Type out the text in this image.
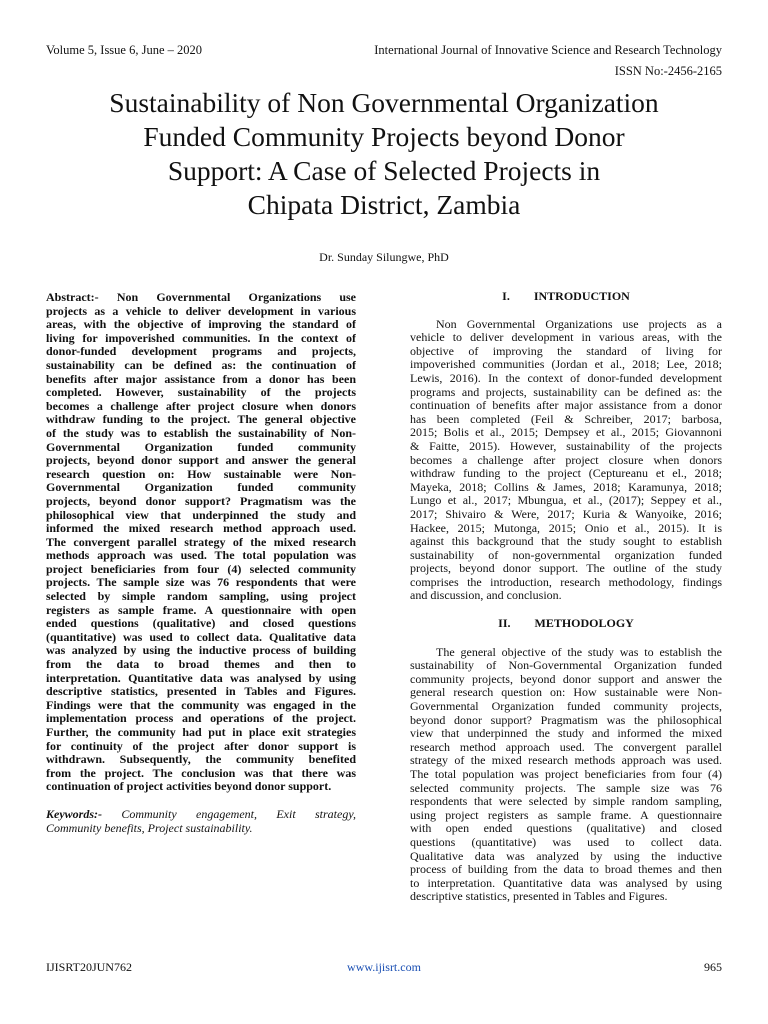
Volume 5, Issue 6, June – 2020	International Journal of Innovative Science and Research Technology
ISSN No:-2456-2165
Sustainability of Non Governmental Organization
Funded Community Projects beyond Donor
Support: A Case of Selected Projects in
Chipata District, Zambia
Dr. Sunday Silungwe, PhD
Abstract:- Non Governmental Organizations use
projects as a vehicle to deliver development in various
areas, with the objective of improving the standard of
living for impoverished communities. In the context of
donor-funded development programs and projects,
sustainability can be defined as: the continuation of
benefits after major assistance from a donor has been
completed. However, sustainability of the projects
becomes a challenge after project closure when donors
withdraw funding to the project. The general objective
of the study was to establish the sustainability of Non-
Governmental Organization funded community
projects, beyond donor support and answer the general
research question on: How sustainable were Non-
Governmental Organization funded community
projects, beyond donor support? Pragmatism was the
philosophical view that underpinned the study and
informed the mixed research method approach used.
The convergent parallel strategy of the mixed research
methods approach was used. The total population was
project beneficiaries from four (4) selected community
projects. The sample size was 76 respondents that were
selected by simple random sampling, using project
registers as sample frame. A questionnaire with open
ended questions (qualitative) and closed questions
(quantitative) was used to collect data. Qualitative data
was analyzed by using the inductive process of building
from the data to broad themes and then to
interpretation. Quantitative data was analysed by using
descriptive statistics, presented in Tables and Figures.
Findings were that the community was engaged in the
implementation process and operations of the project.
Further, the community had put in place exit strategies
for continuity of the project after donor support is
withdrawn. Subsequently, the community benefited
from the project. The conclusion was that there was
continuation of project activities beyond donor support.
Keywords:- Community engagement, Exit strategy,
Community benefits, Project sustainability.
I. INTRODUCTION
Non Governmental Organizations use projects as a
vehicle to deliver development in various areas, with the
objective of improving the standard of living for
impoverished communities (Jordan et al., 2018; Lee, 2018;
Lewis, 2016). In the context of donor-funded development
programs and projects, sustainability can be defined as: the
continuation of benefits after major assistance from a donor
has been completed (Feil & Schreiber, 2017; barbosa,
2015; Bolis et al., 2015; Dempsey et al., 2015; Giovannoni
& Faitte, 2015). However, sustainability of the projects
becomes a challenge after project closure when donors
withdraw funding to the project (Ceptureanu et el., 2018;
Mayeka, 2018; Collins & James, 2018; Karamunya, 2018;
Lungo et al., 2017; Mbungua, et al., (2017); Seppey et al.,
2017; Shivairo & Were, 2017; Kuria & Wanyoike, 2016;
Hackee, 2015; Mutonga, 2015; Onio et al., 2015). It is
against this background that the study sought to establish
sustainability of non-governmental organization funded
projects, beyond donor support. The outline of the study
comprises the introduction, research methodology, findings
and discussion, and conclusion.
II. METHODOLOGY
The general objective of the study was to establish the
sustainability of Non-Governmental Organization funded
community projects, beyond donor support and answer the
general research question on: How sustainable were Non-
Governmental Organization funded community projects,
beyond donor support? Pragmatism was the philosophical
view that underpinned the study and informed the mixed
research method approach used. The convergent parallel
strategy of the mixed research methods approach was used.
The total population was project beneficiaries from four (4)
selected community projects. The sample size was 76
respondents that were selected by simple random sampling,
using project registers as sample frame. A questionnaire
with open ended questions (qualitative) and closed
questions (quantitative) was used to collect data.
Qualitative data was analyzed by using the inductive
process of building from the data to broad themes and then
to interpretation. Quantitative data was analysed by using
descriptive statistics, presented in Tables and Figures.
IJISRT20JUN762	www.ijisrt.com	965
